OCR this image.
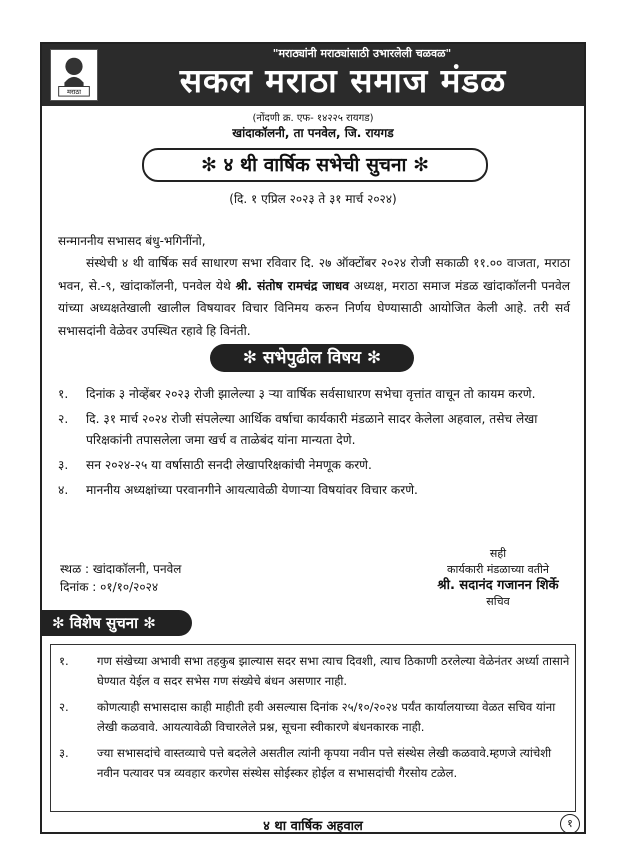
मराठा
"मराठ्यांनी मराठ्यांसाठी उभारलेली चळवळ"
सकल मराठा समाज मंडळ
(नोंदणी क्र. एफ- १४२२५ रायगड)
खांदाकॉलनी, ता पनवेल, जि. रायगड
✻ ४ थी वार्षिक सभेची सुचना ✻
(दि. १ एप्रिल २०२३ ते ३१ मार्च २०२४)
सन्माननीय सभासद बंधु-भगिनींनो,
संस्थेची ४ थी वार्षिक सर्व साधारण सभा रविवार दि. २७ ऑक्टोंबर २०२४ रोजी सकाळी ११.०० वाजता, मराठा भवन, से.-९, खांदाकॉलनी, पनवेल येथे श्री. संतोष रामचंद्र जाधव अध्यक्ष, मराठा समाज मंडळ खांदाकॉलनी पनवेल यांच्या अध्यक्षतेखाली खालील विषयावर विचार विनिमय करुन निर्णय घेण्यासाठी आयोजित केली आहे. तरी सर्व सभासदांनी वेळेवर उपस्थित रहावे हि विनंती.
✻ सभेपुढील विषय ✻
१. दिनांक ३ नोव्हेंबर २०२३ रोजी झालेल्या ३ ऱ्या वार्षिक सर्वसाधारण सभेचा वृत्तांत वाचून तो कायम करणे.
२. दि. ३१ मार्च २०२४ रोजी संपलेल्या आर्थिक वर्षाचा कार्यकारी मंडळाने सादर केलेला अहवाल, तसेच लेखा परिक्षकांनी तपासलेला जमा खर्च व ताळेबंद यांना मान्यता देणे.
३. सन २०२४-२५ या वर्षासाठी सनदी लेखापरिक्षकांची नेमणूक करणे.
४. माननीय अध्यक्षांच्या परवानगीने आयत्यावेळी येणाऱ्या विषयांवर विचार करणे.
स्थळ : खांदाकॉलनी, पनवेल
दिनांक : ०१/१०/२०२४
सही
कार्यकारी मंडळाच्या वतीने
श्री. सदानंद गजानन शिर्के
सचिव
✻ विशेष सुचना ✻
१. गण संखेच्या अभावी सभा तहकुब झाल्यास सदर सभा त्याच दिवशी, त्याच ठिकाणी ठरलेल्या वेळेनंतर अर्ध्या तासाने घेण्यात येईल व सदर सभेस गण संख्येचे बंधन असणार नाही.
२. कोणत्याही सभासदास काही माहीती हवी असल्यास दिनांक २५/१०/२०२४ पर्यंत कार्यालयाच्या वेळत सचिव यांना लेखी कळवावे. आयत्यावेळी विचारलेले प्रश्न, सूचना स्वीकारणे बंधनकारक नाही.
३. ज्या सभासदांचे वास्तव्याचे पत्ते बदलेले असतील त्यांनी कृपया नवीन पत्ते संस्थेस लेखी कळवावे.म्हणजे त्यांचेशी नवीन पत्यावर पत्र व्यवहार करणेस संस्थेस सोईस्कर होईल व सभासदांची गैरसोय टळेल.
४ था वार्षिक अहवाल	१
